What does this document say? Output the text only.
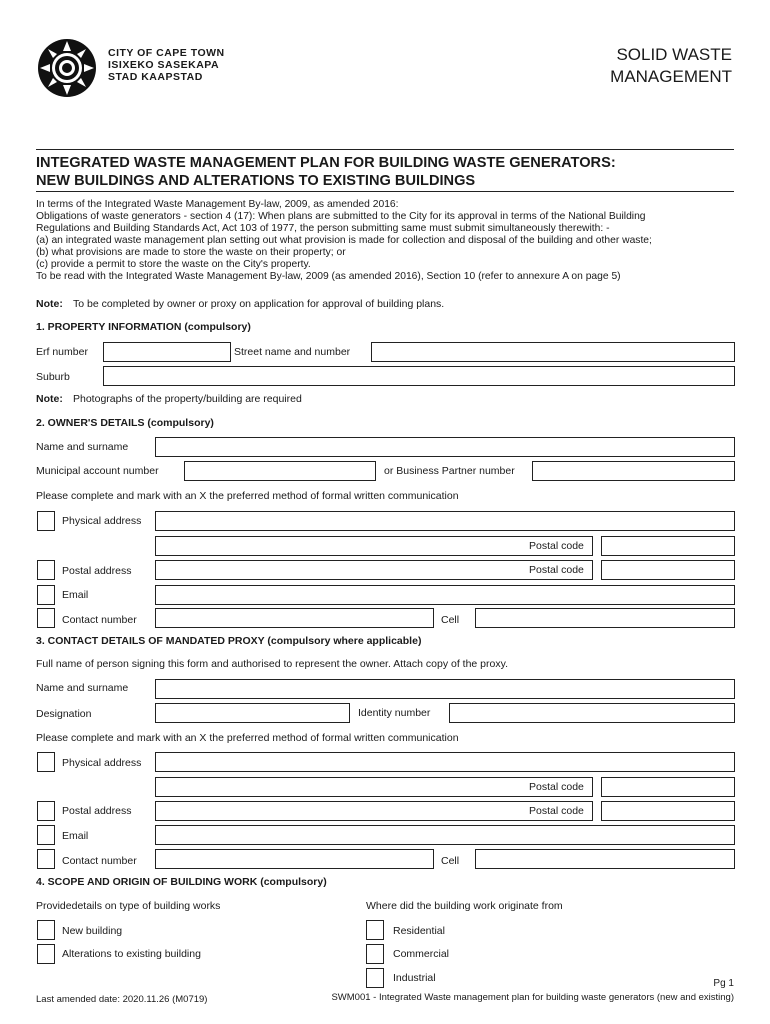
CITY OF CAPE TOWN
ISIXEKO SASEKAPA
STAD KAAPSTAD
SOLID WASTE
MANAGEMENT
INTEGRATED WASTE MANAGEMENT PLAN FOR BUILDING WASTE GENERATORS:
NEW BUILDINGS AND ALTERATIONS TO EXISTING BUILDINGS
In terms of the Integrated Waste Management By-law, 2009, as amended 2016:
Obligations of waste generators - section 4 (17): When plans are submitted to the City for its approval in terms of the National Building
Regulations and Building Standards Act, Act 103 of 1977, the person submitting same must submit simultaneously therewith: -
(a) an integrated waste management plan setting out what provision is made for collection and disposal of the building and other waste;
(b) what provisions are made to store the waste on their property; or
(c) provide a permit to store the waste on the City's property.
To be read with the Integrated Waste Management By-law, 2009 (as amended 2016), Section 10 (refer to annexure A on page 5)
Note: To be completed by owner or proxy on application for approval of building plans.
1. PROPERTY INFORMATION (compulsory)
Erf number	Street name and number
Suburb
Note: Photographs of the property/building are required
2. OWNER'S DETAILS (compulsory)
Name and surname
Municipal account number	or Business Partner number
Please complete and mark with an X the preferred method of formal written communication
Physical address
Postal code
Postal address	Postal code
Email
Contact number	Cell
3. CONTACT DETAILS OF MANDATED PROXY (compulsory where applicable)
Full name of person signing this form and authorised to represent the owner. Attach copy of the proxy.
Name and surname
Designation	Identity number
Please complete and mark with an X the preferred method of formal written communication
Physical address
Postal code
Postal address	Postal code
Email
Contact number	Cell
4. SCOPE AND ORIGIN OF BUILDING WORK (compulsory)
Providedetails on type of building works	Where did the building work originate from
New building
Alterations to existing building
Residential
Commercial
Industrial	Pg 1
Last amended date: 2020.11.26 (M0719)	SWM001 - Integrated Waste management plan for building waste generators (new and existing)
